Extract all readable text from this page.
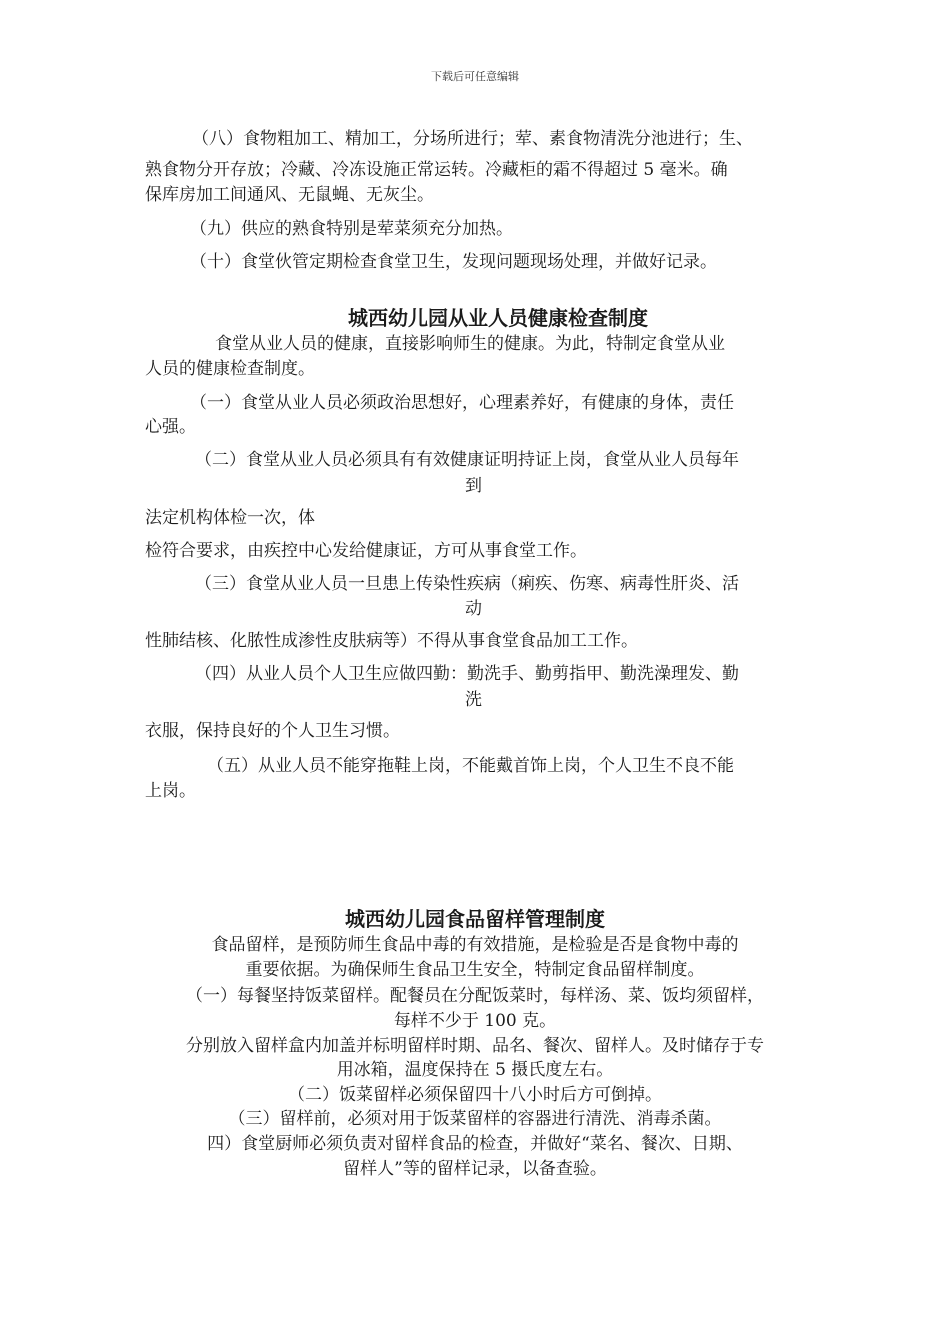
下载后可任意编辑
（八）食物粗加工、精加工，分场所进行；荤、素食物清洗分池进行；生、
熟食物分开存放；冷藏、冷冻设施正常运转。冷藏柜的霜不得超过 5 毫米。确
保库房加工间通风、无鼠蝇、无灰尘。
（九）供应的熟食特别是荤菜须充分加热。
（十）食堂伙管定期检查食堂卫生，发现问题现场处理，并做好记录。
城西幼儿园从业人员健康检查制度
食堂从业人员的健康，直接影响师生的健康。为此，特制定食堂从业
人员的健康检查制度。
（一）食堂从业人员必须政治思想好，心理素养好，有健康的身体，责任
心强。
（二）食堂从业人员必须具有有效健康证明持证上岗，食堂从业人员每年
到
法定机构体检一次，体
检符合要求，由疾控中心发给健康证，方可从事食堂工作。
（三）食堂从业人员一旦患上传染性疾病（痢疾、伤寒、病毒性肝炎、活
动
性肺结核、化脓性成渗性皮肤病等）不得从事食堂食品加工工作。
（四）从业人员个人卫生应做四勤：勤洗手、勤剪指甲、勤洗澡理发、勤
洗
衣服，保持良好的个人卫生习惯。
（五）从业人员不能穿拖鞋上岗，不能戴首饰上岗，个人卫生不良不能
上岗。
城西幼儿园食品留样管理制度
食品留样，是预防师生食品中毒的有效措施，是检验是否是食物中毒的
重要依据。为确保师生食品卫生安全，特制定食品留样制度。
（一）每餐坚持饭菜留样。配餐员在分配饭菜时，每样汤、菜、饭均须留样，
每样不少于 100 克。
分别放入留样盒内加盖并标明留样时期、品名、餐次、留样人。及时储存于专
用冰箱，温度保持在 5 摄氏度左右。
（二）饭菜留样必须保留四十八小时后方可倒掉。
（三）留样前，必须对用于饭菜留样的容器进行清洗、消毒杀菌。
四）食堂厨师必须负责对留样食品的检查，并做好“菜名、餐次、日期、
留样人”等的留样记录，以备查验。
